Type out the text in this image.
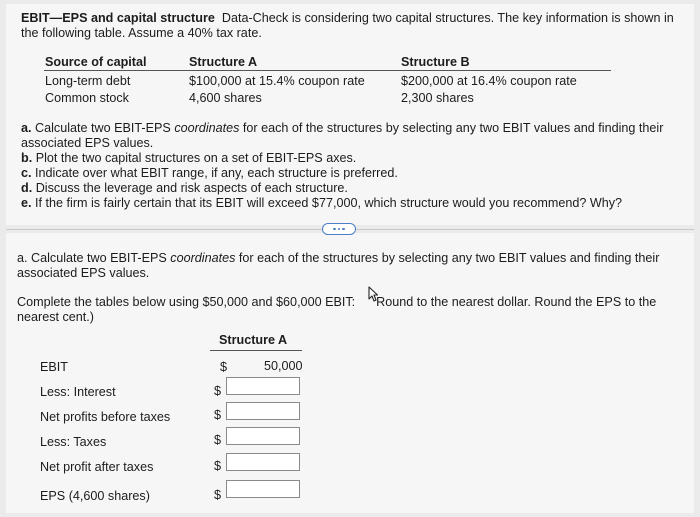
EBIT—EPS and capital structure Data-Check is considering two capital structures. The key information is shown in
the following table. Assume a 40% tax rate.
Source of capital	Structure A	Structure B
Long-term debt	$100,000 at 15.4% coupon rate	$200,000 at 16.4% coupon rate
Common stock	4,600 shares	2,300 shares
a. Calculate two EBIT-EPS coordinates for each of the structures by selecting any two EBIT values and finding their
associated EPS values.
b. Plot the two capital structures on a set of EBIT-EPS axes.
c. Indicate over what EBIT range, if any, each structure is preferred.
d. Discuss the leverage and risk aspects of each structure.
e. If the firm is fairly certain that its EBIT will exceed $77,000, which structure would you recommend? Why?
a. Calculate two EBIT-EPS coordinates for each of the structures by selecting any two EBIT values and finding their
associated EPS values.
Complete the tables below using $50,000 and $60,000 EBIT: Round to the nearest dollar. Round the EPS to the
nearest cent.)
Structure A
EBIT	$	50,000
Less: Interest	$
Net profits before taxes	$
Less: Taxes	$
Net profit after taxes	$
EPS (4,600 shares)	$
